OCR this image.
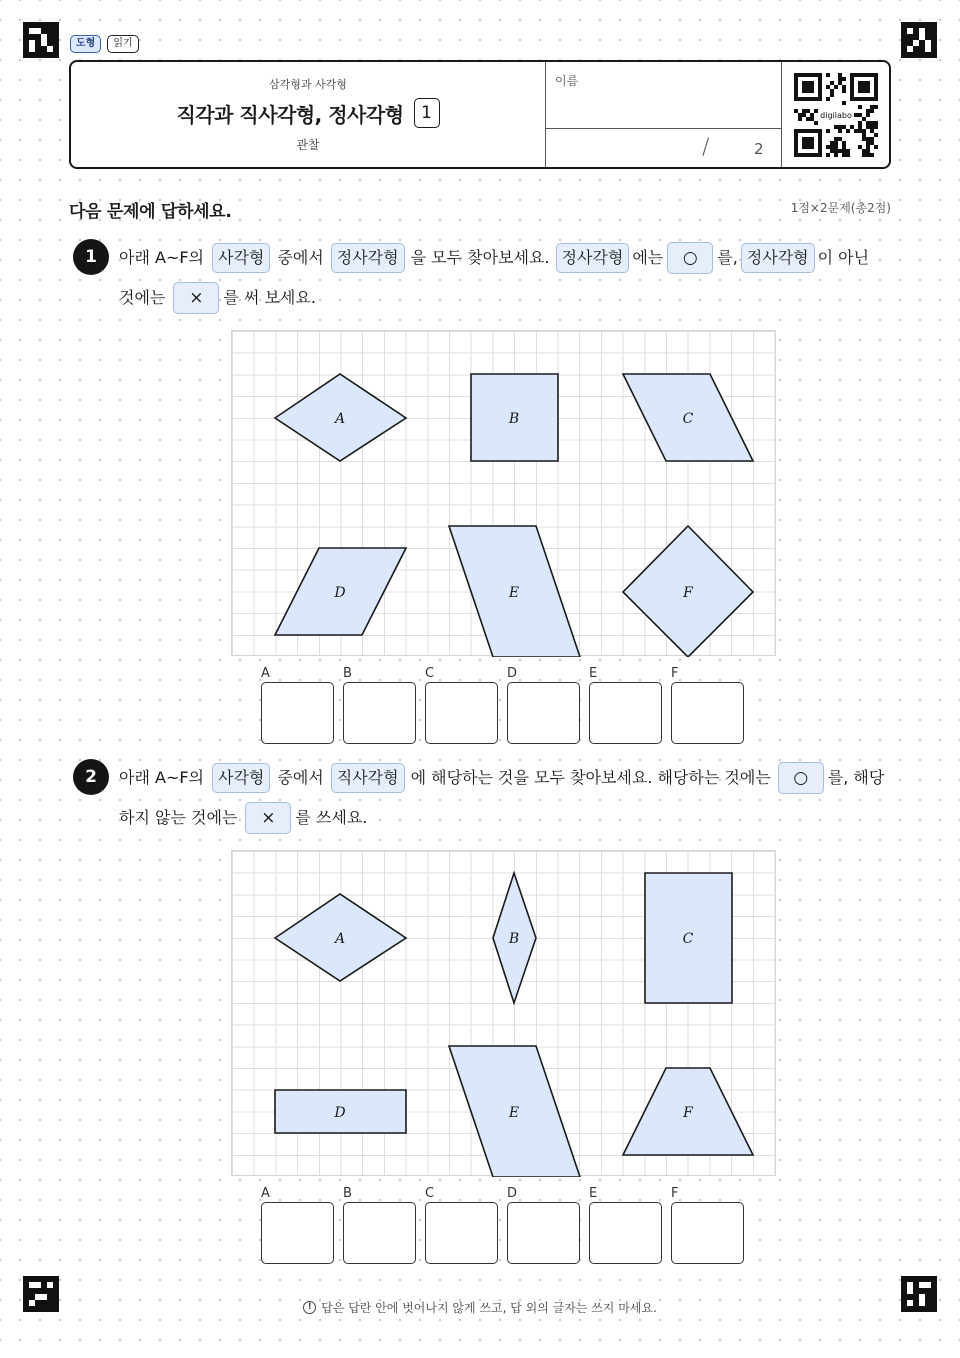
도형	읽기
삼각형과 사각형
직각과 직사각형, 정사각형	1
관찰
이름
/	2
digilabo
다음 문제에 답하세요.	1점×2문제(총2점)
1	아래 A~F의 사각형 중에서 정사각형 을 모두 찾아보세요. 정사각형 에는	○	를, 정사각형 이 아닌
것에는	×	를 써 보세요.
A	B	C
D	E	F
A	B	C	D	E	F
2	아래 A~F의 사각형 중에서 직사각형 에 해당하는 것을 모두 찾아보세요. 해당하는 것에는	○	를, 해당
하지 않는 것에는	×	를 쓰세요.
A	B	C
D	E	F
A	B	C	D	E	F
! 답은 답란 안에 벗어나지 않게 쓰고, 답 외의 글자는 쓰지 마세요.
